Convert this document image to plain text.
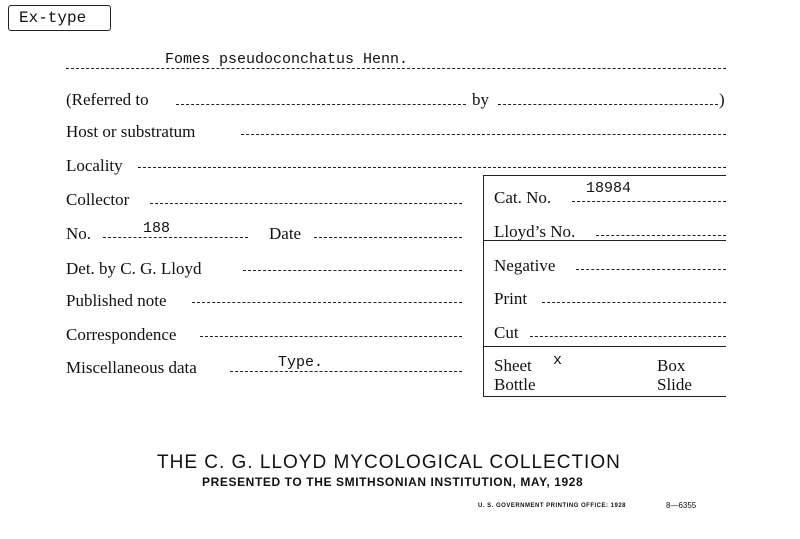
Ex-type
Fomes pseudoconchatus Henn.
(Referred to	by	)
Host or substratum
Locality
Collector	Cat. No. 18984
No.	188	Date	Lloyd’s No.
Det. by C. G. Lloyd	Negative
Published note	Print
Correspondence	Cut
Miscellaneous data	Type.	Sheet x	Box
Bottle	Slide
THE C. G. LLOYD MYCOLOGICAL COLLECTION
PRESENTED TO THE SMITHSONIAN INSTITUTION, MAY, 1928
U. S. GOVERNMENT PRINTING OFFICE: 1928	8—6355
